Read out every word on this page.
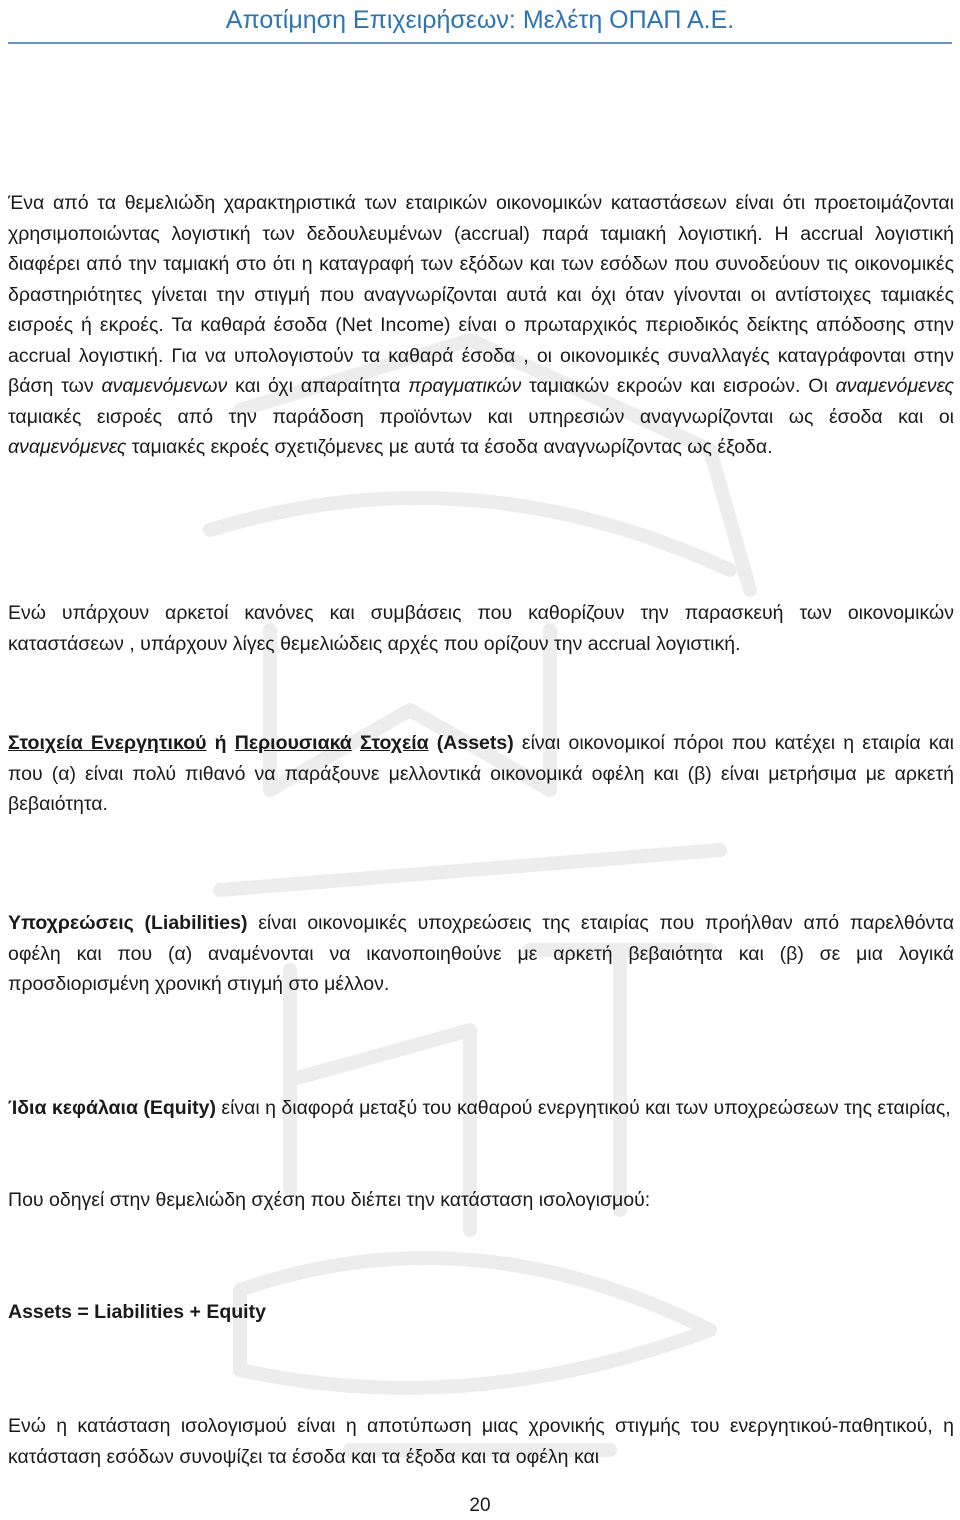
Αποτίμηση Επιχειρήσεων: Μελέτη ΟΠΑΠ Α.Ε.

Ένα από τα θεμελιώδη χαρακτηριστικά των εταιρικών οικονομικών καταστάσεων είναι ότι προετοιμάζονται χρησιμοποιώντας λογιστική των δεδουλευμένων (accrual) παρά ταμιακή λογιστική. Η accrual λογιστική διαφέρει από την ταμιακή στο ότι η καταγραφή των εξόδων και των εσόδων που συνοδεύουν τις οικονομικές δραστηριότητες γίνεται την στιγμή που αναγνωρίζονται αυτά και όχι όταν γίνονται οι αντίστοιχες ταμιακές εισροές ή εκροές. Τα καθαρά έσοδα (Net Income) είναι ο πρωταρχικός περιοδικός δείκτης απόδοσης στην accrual λογιστική. Για να υπολογιστούν τα καθαρά έσοδα , οι οικονομικές συναλλαγές καταγράφονται στην βάση των αναμενόμενων και όχι απαραίτητα πραγματικών ταμιακών εκροών και εισροών. Οι αναμενόμενες ταμιακές εισροές από την παράδοση προϊόντων και υπηρεσιών αναγνωρίζονται ως έσοδα και οι αναμενόμενες ταμιακές εκροές σχετιζόμενες με αυτά τα έσοδα αναγνωρίζοντας ως έξοδα.

Ενώ υπάρχουν αρκετοί κανόνες και συμβάσεις που καθορίζουν την παρασκευή των οικονομικών καταστάσεων , υπάρχουν λίγες θεμελιώδεις αρχές που ορίζουν την accrual λογιστική.

Στοιχεία Ενεργητικού ή Περιουσιακά Στοχεία (Assets) είναι οικονομικοί πόροι που κατέχει η εταιρία και που (α) είναι πολύ πιθανό να παράξουνε μελλοντικά οικονομικά οφέλη και (β) είναι μετρήσιμα με αρκετή βεβαιότητα.

Υποχρεώσεις (Liabilities) είναι οικονομικές υποχρεώσεις της εταιρίας που προήλθαν από παρελθόντα οφέλη και που (α) αναμένονται να ικανοποιηθούνε με αρκετή βεβαιότητα και (β) σε μια λογικά προσδιορισμένη χρονική στιγμή στο μέλλον.

Ίδια κεφάλαια (Equity) είναι η διαφορά μεταξύ του καθαρού ενεργητικού και των υποχρεώσεων της εταιρίας,

Που οδηγεί στην θεμελιώδη σχέση που διέπει την κατάσταση ισολογισμού:

Assets = Liabilities + Equity

Ενώ η κατάσταση ισολογισμού είναι η αποτύπωση μιας χρονικής στιγμής του ενεργητικού-παθητικού, η κατάσταση εσόδων συνοψίζει τα έσοδα και τα έξοδα και τα οφέλη και

20
